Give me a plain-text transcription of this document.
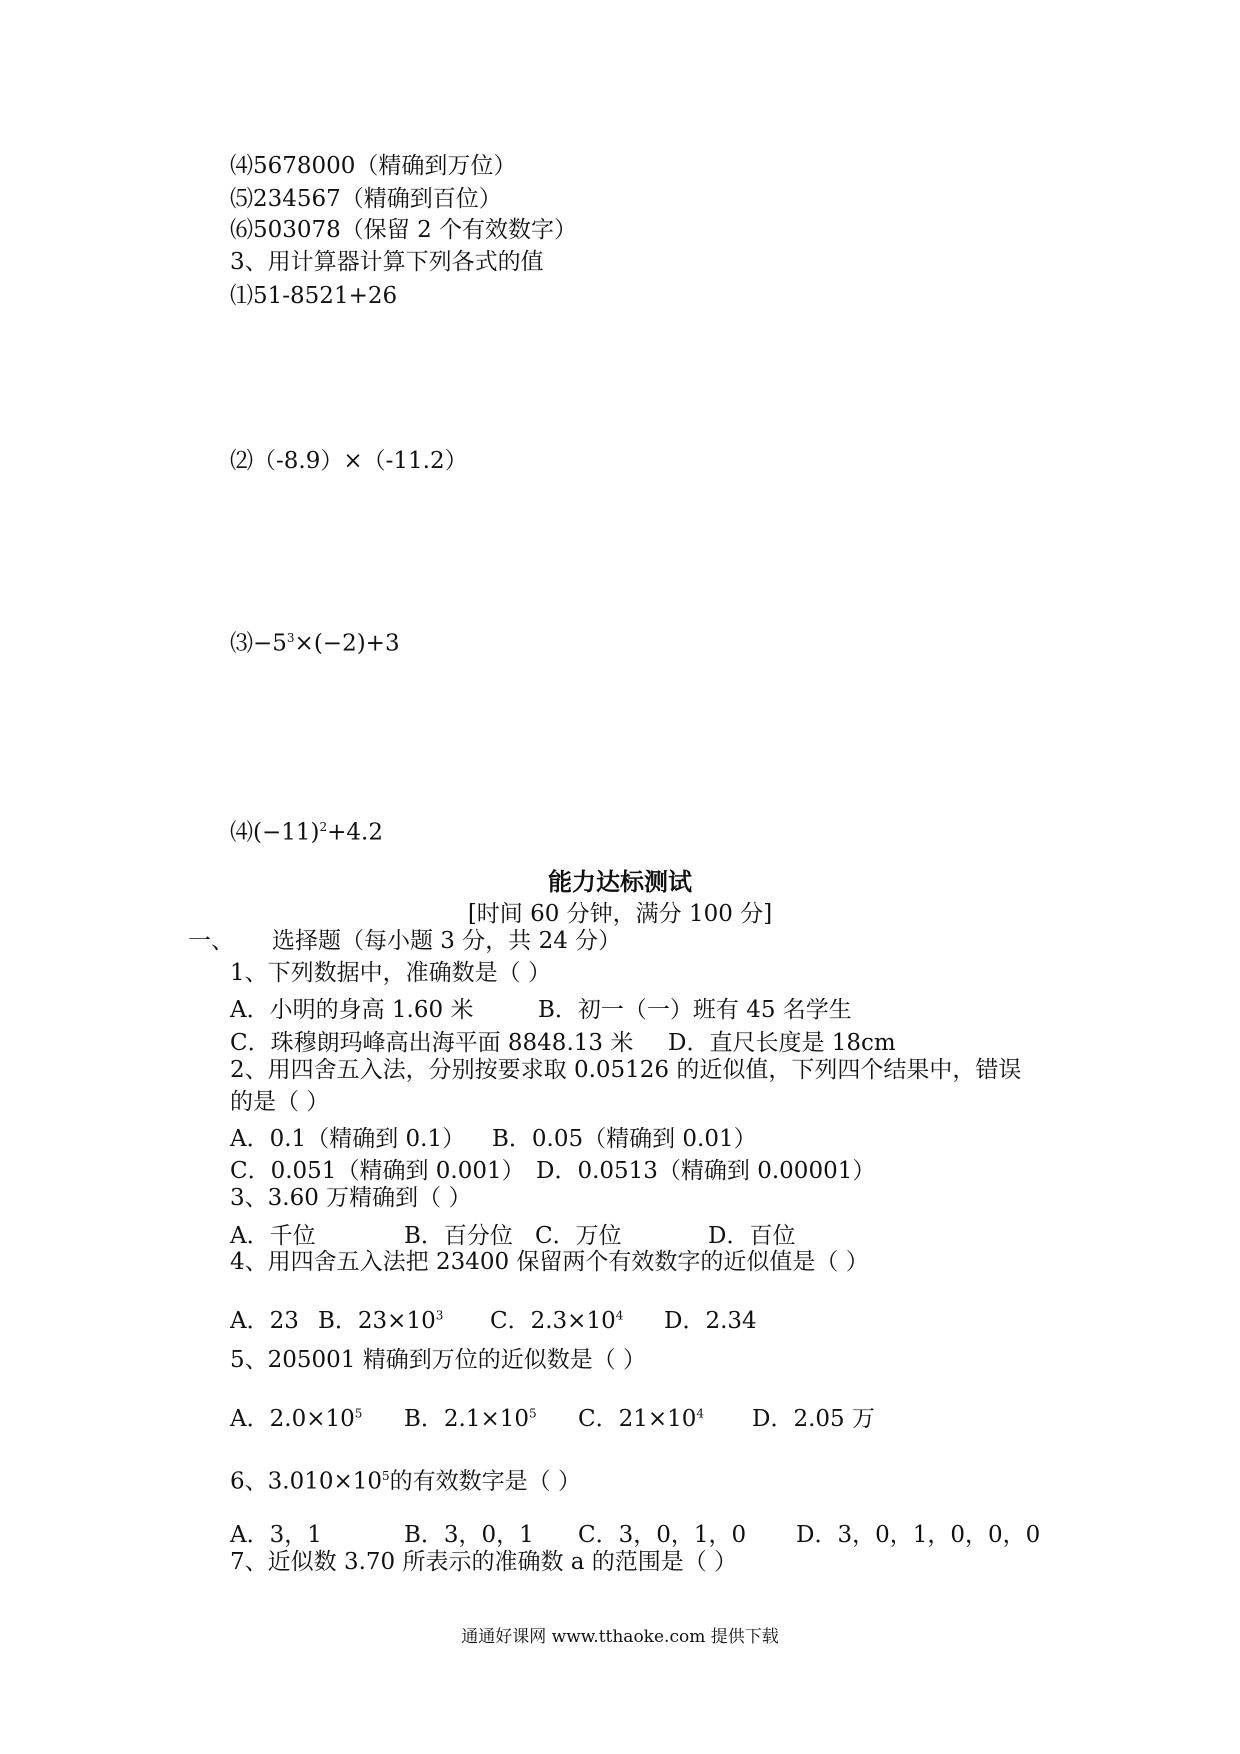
⑷5678000（精确到万位）
⑸234567（精确到百位）
⑹503078（保留 2 个有效数字）
3、用计算器计算下列各式的值
⑴51-8521+26
⑵（-8.9）×（-11.2）
$⑶-5^3\times(-2)+3$
$⑷(-11)^2+4.2$
能力达标测试
[时间 60 分钟，满分 100 分]
一、 选择题（每小题 3 分，共 24 分）
1、下列数据中，准确数是（ ）
A．小明的身高 1.60 米	B．初一（一）班有 45 名学生
C．珠穆朗玛峰高出海平面 8848.13 米 D．直尺长度是 18cm
2、用四舍五入法，分别按要求取 0.05126 的近似值，下列四个结果中，错误
的是（ ）
A．0.1（精确到 0.1） B．0.05（精确到 0.01）
C．0.051（精确到 0.001） D．0.0513（精确到 0.00001）
3、3.60 万精确到（ ）
A．千位	B．百分位 C．万位	D．百位
4、用四舍五入法把 23400 保留两个有效数字的近似值是（ ）
A．23 B．$23\times 10^3$ C．$2.3\times 10^4$ D．2.34
5、205001 精确到万位的近似数是（ ）
A．$2.0\times 10^5$ B．$2.1\times 10^5$ C．$21\times 10^4$ D．2.05 万
6、$3.010\times 10^5$的有效数字是（ ）
A．3，1	B．3，0，1 C．3，0，1，0 D．3，0，1，0，0，0
7、近似数 3.70 所表示的准确数 a 的范围是（ ）
通通好课网 www.tthaoke.com 提供下载
